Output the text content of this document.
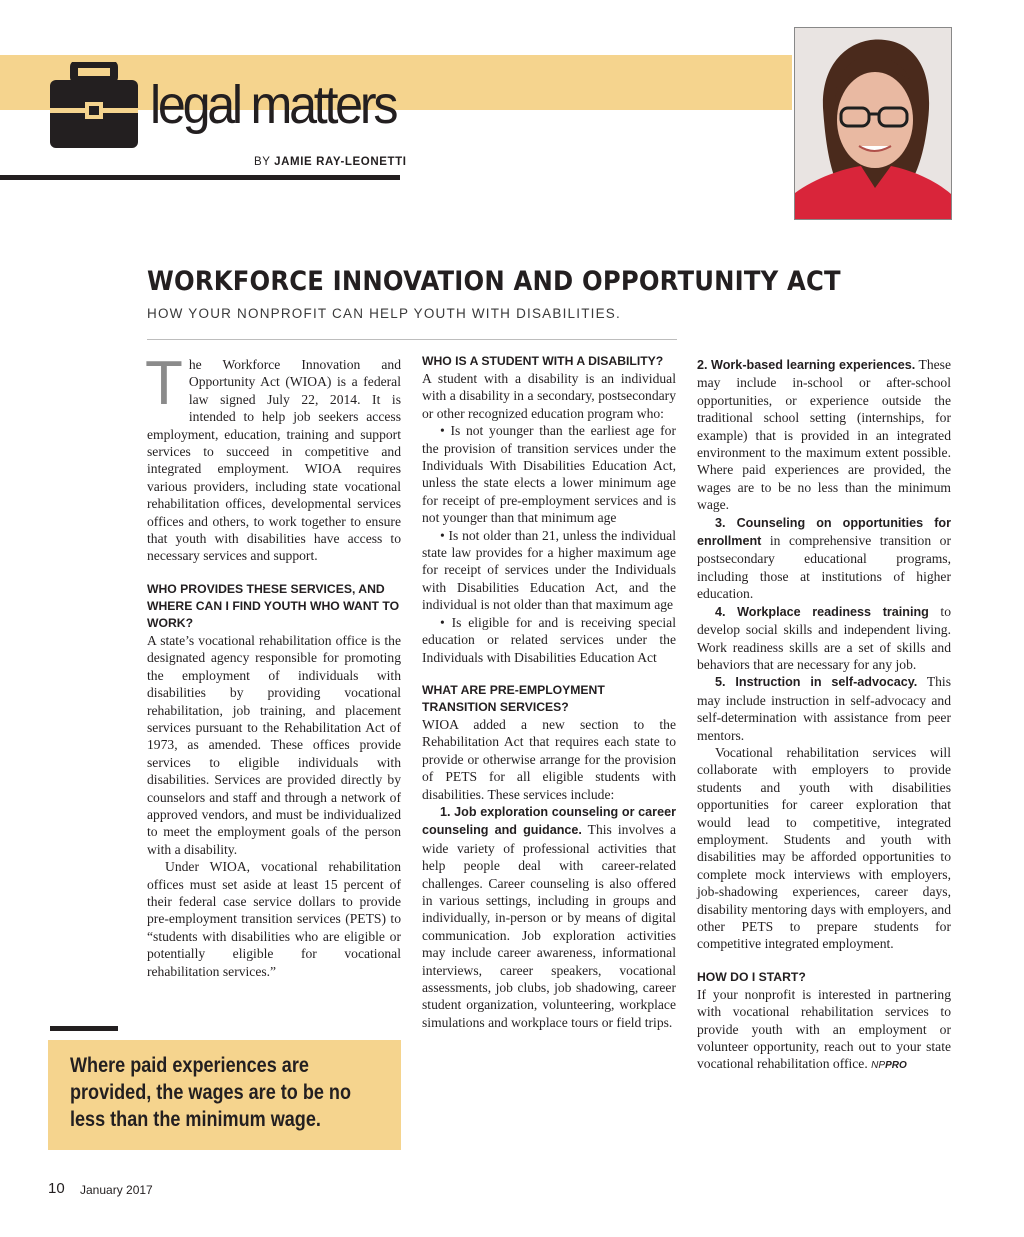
legal matters
BY JAMIE RAY-LEONETTI
WORKFORCE INNOVATION AND OPPORTUNITY ACT
HOW YOUR NONPROFIT CAN HELP YOUTH WITH DISABILITIES.

The Workforce Innovation and Opportunity Act (WIOA) is a federal law signed July 22, 2014. It is intended to help job seekers access employment, education, training and support services to succeed in competitive and integrated employment. WIOA requires various providers, including state vocational rehabilitation offices, developmental services offices and others, to work together to ensure that youth with disabilities have access to necessary services and support.

WHO PROVIDES THESE SERVICES, AND WHERE CAN I FIND YOUTH WHO WANT TO WORK?

A state’s vocational rehabilitation office is the designated agency responsible for promoting the employment of individuals with disabilities by providing vocational rehabilitation, job training, and placement services pursuant to the Rehabilitation Act of 1973, as amended. These offices provide services to eligible individuals with disabilities. Services are provided directly by counselors and staff and through a network of approved vendors, and must be individualized to meet the employment goals of the person with a disability.

Under WIOA, vocational rehabilitation offices must set aside at least 15 percent of their federal case service dollars to provide pre-employment transition services (PETS) to “students with disabilities who are eligible or potentially eligible for vocational rehabilitation services.”

WHO IS A STUDENT WITH A DISABILITY?

A student with a disability is an individual with a disability in a secondary, postsecondary or other recognized education program who:

• Is not younger than the earliest age for the provision of transition services under the Individuals With Disabilities Education Act, unless the state elects a lower minimum age for receipt of pre-employment services and is not younger than that minimum age

• Is not older than 21, unless the individual state law provides for a higher maximum age for receipt of services under the Individuals with Disabilities Education Act, and the individual is not older than that maximum age

• Is eligible for and is receiving special education or related services under the Individuals with Disabilities Education Act

WHAT ARE PRE-EMPLOYMENT TRANSITION SERVICES?

WIOA added a new section to the Rehabilitation Act that requires each state to provide or otherwise arrange for the provision of PETS for all eligible students with disabilities. These services include:

1. Job exploration counseling or career counseling and guidance. This involves a wide variety of professional activities that help people deal with career-related challenges. Career counseling is also offered in various settings, including in groups and individually, in-person or by means of digital communication. Job exploration activities may include career awareness, informational interviews, career speakers, vocational assessments, job clubs, job shadowing, career student organization, volunteering, workplace simulations and workplace tours or field trips.

2. Work-based learning experiences. These may include in-school or after-school opportunities, or experience outside the traditional school setting (internships, for example) that is provided in an integrated environment to the maximum extent possible. Where paid experiences are provided, the wages are to be no less than the minimum wage.

3. Counseling on opportunities for enrollment in comprehensive transition or postsecondary educational programs, including those at institutions of higher education.

4. Workplace readiness training to develop social skills and independent living. Work readiness skills are a set of skills and behaviors that are necessary for any job.

5. Instruction in self-advocacy. This may include instruction in self-advocacy and self-determination with assistance from peer mentors.

Vocational rehabilitation services will collaborate with employers to provide students and youth with disabilities opportunities for career exploration that would lead to competitive, integrated employment. Students and youth with disabilities may be afforded opportunities to complete mock interviews with employers, job-shadowing experiences, career days, disability mentoring days with employers, and other PETS to prepare students for competitive integrated employment.

HOW DO I START?

If your nonprofit is interested in partnering with vocational rehabilitation services to provide youth with an employment or volunteer opportunity, reach out to your state vocational rehabilitation office. NPPRO

Where paid experiences are provided, the wages are to be no less than the minimum wage.
10 January 2017
